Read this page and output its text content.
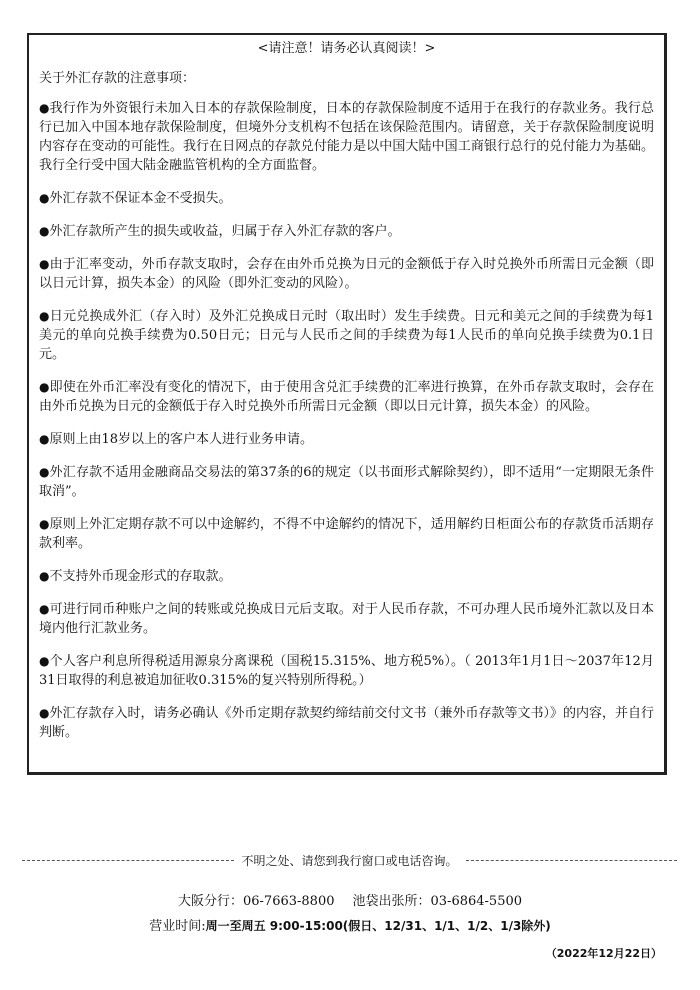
<请注意！请务必认真阅读！>
关于外汇存款的注意事项：
●我行作为外资银行未加入日本的存款保险制度，日本的存款保险制度不适用于在我行的存款业务。我行总行已加入中国本地存款保险制度，但境外分支机构不包括在该保险范围内。请留意，关于存款保险制度说明内容存在变动的可能性。我行在日网点的存款兑付能力是以中国大陆中国工商银行总行的兑付能力为基础。我行全行受中国大陆金融监管机构的全方面监督。
●外汇存款不保证本金不受损失。
●外汇存款所产生的损失或收益，归属于存入外汇存款的客户。
●由于汇率变动，外币存款支取时，会存在由外币兑换为日元的金额低于存入时兑换外币所需日元金额（即以日元计算，损失本金）的风险（即外汇变动的风险）。
●日元兑换成外汇（存入时）及外汇兑换成日元时（取出时）发生手续费。日元和美元之间的手续费为每1美元的单向兑换手续费为0.50日元；日元与人民币之间的手续费为每1人民币的单向兑换手续费为0.1日元。
●即使在外币汇率没有变化的情况下，由于使用含兑汇手续费的汇率进行换算，在外币存款支取时，会存在由外币兑换为日元的金额低于存入时兑换外币所需日元金额（即以日元计算，损失本金）的风险。
●原则上由18岁以上的客户本人进行业务申请。
●外汇存款不适用金融商品交易法的第37条的6的规定（以书面形式解除契约），即不适用“一定期限无条件取消”。
●原则上外汇定期存款不可以中途解约，不得不中途解约的情况下，适用解约日柜面公布的存款货币活期存款利率。
●不支持外币现金形式的存取款。
●可进行同币种账户之间的转账或兑换成日元后支取。对于人民币存款，不可办理人民币境外汇款以及日本境内他行汇款业务。
●个人客户利息所得税适用源泉分离课税（国税15.315%、地方税5%）。（ 2013年1月1日～2037年12月31日取得的利息被追加征收0.315%的复兴特别所得税。）
●外汇存款存入时，请务必确认《外币定期存款契约缔结前交付文书（兼外币存款等文书）》的内容，并自行判断。
不明之处、请您到我行窗口或电话咨询。
大阪分行：06-7663-8800 池袋出张所：03-6864-5500
营业时间:周一至周五 9:00-15:00(假日、12/31、1/1、1/2、1/3除外)
（2022年12月22日）
